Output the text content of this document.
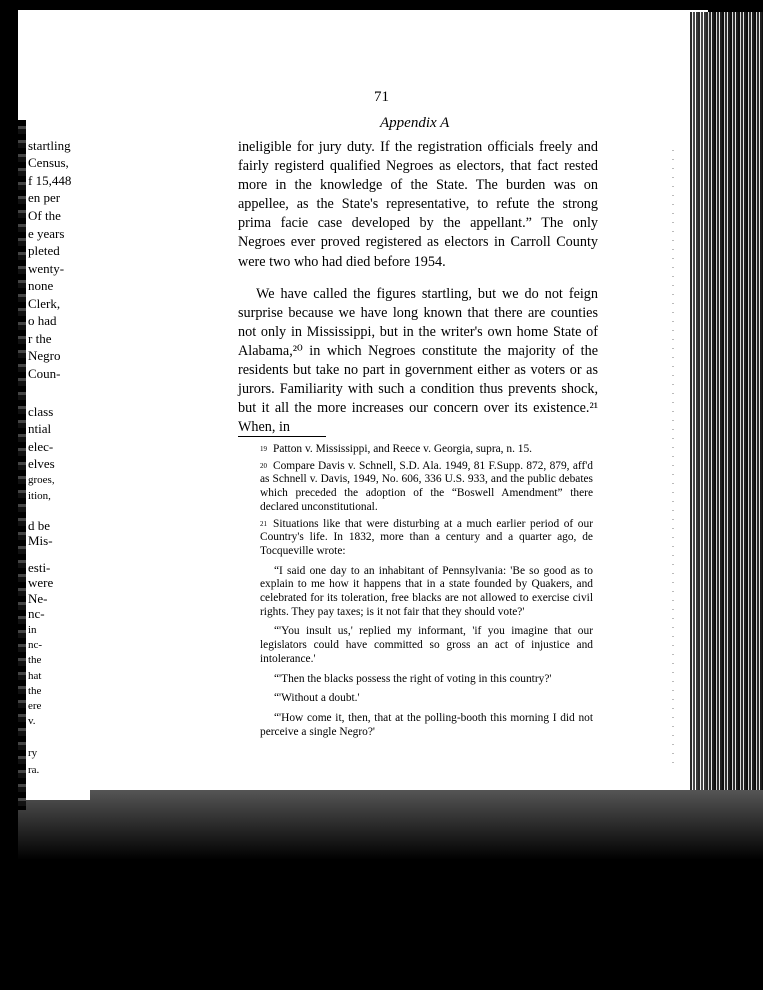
startling
Census,
f 15,448
en per
Of the
e years
pleted
wenty-
none
Clerk,
o had
r the
Negro
Coun-
class
ntial
elec-
elves
groes,
ition,
d be
Mis-
esti-
were
Ne-
nc-
in
nc-
the
hat
the
ere
v.
ry
ra.
71
Appendix A

ineligible for jury duty. If the registration officials freely and fairly registerd qualified Negroes as electors, that fact rested more in the knowledge of the State. The burden was on appellee, as the State's representative, to refute the strong prima facie case developed by the appellant.” The only Negroes ever proved registered as electors in Carroll County were two who had died before 1954.

We have called the figures startling, but we do not feign surprise because we have long known that there are counties not only in Mississippi, but in the writer's own home State of Alabama,²⁰ in which Negroes constitute the majority of the residents but take no part in government either as voters or as jurors. Familiarity with such a condition thus prevents shock, but it all the more increases our concern over its existence.²¹ When, in

$^{19}$ Patton v. Mississippi, and Reece v. Georgia, supra, n. 15.

$^{20}$ Compare Davis v. Schnell, S.D. Ala. 1949, 81 F.Supp. 872, 879, aff'd as Schnell v. Davis, 1949, No. 606, 336 U.S. 933, and the public debates which preceded the adoption of the “Boswell Amendment” there declared unconstitutional.

$^{21}$ Situations like that were disturbing at a much earlier period of our Country's life. In 1832, more than a century and a quarter ago, de Tocqueville wrote:

“I said one day to an inhabitant of Pennsylvania: 'Be so good as to explain to me how it happens that in a state founded by Quakers, and celebrated for its toleration, free blacks are not allowed to exercise civil rights. They pay taxes; is it not fair that they should vote?'

“'You insult us,' replied my informant, 'if you imagine that our legislators could have committed so gross an act of injustice and intolerance.'

“'Then the blacks possess the right of voting in this country?'

“'Without a doubt.'

“'How come it, then, that at the polling-booth this morning I did not perceive a single Negro?'
